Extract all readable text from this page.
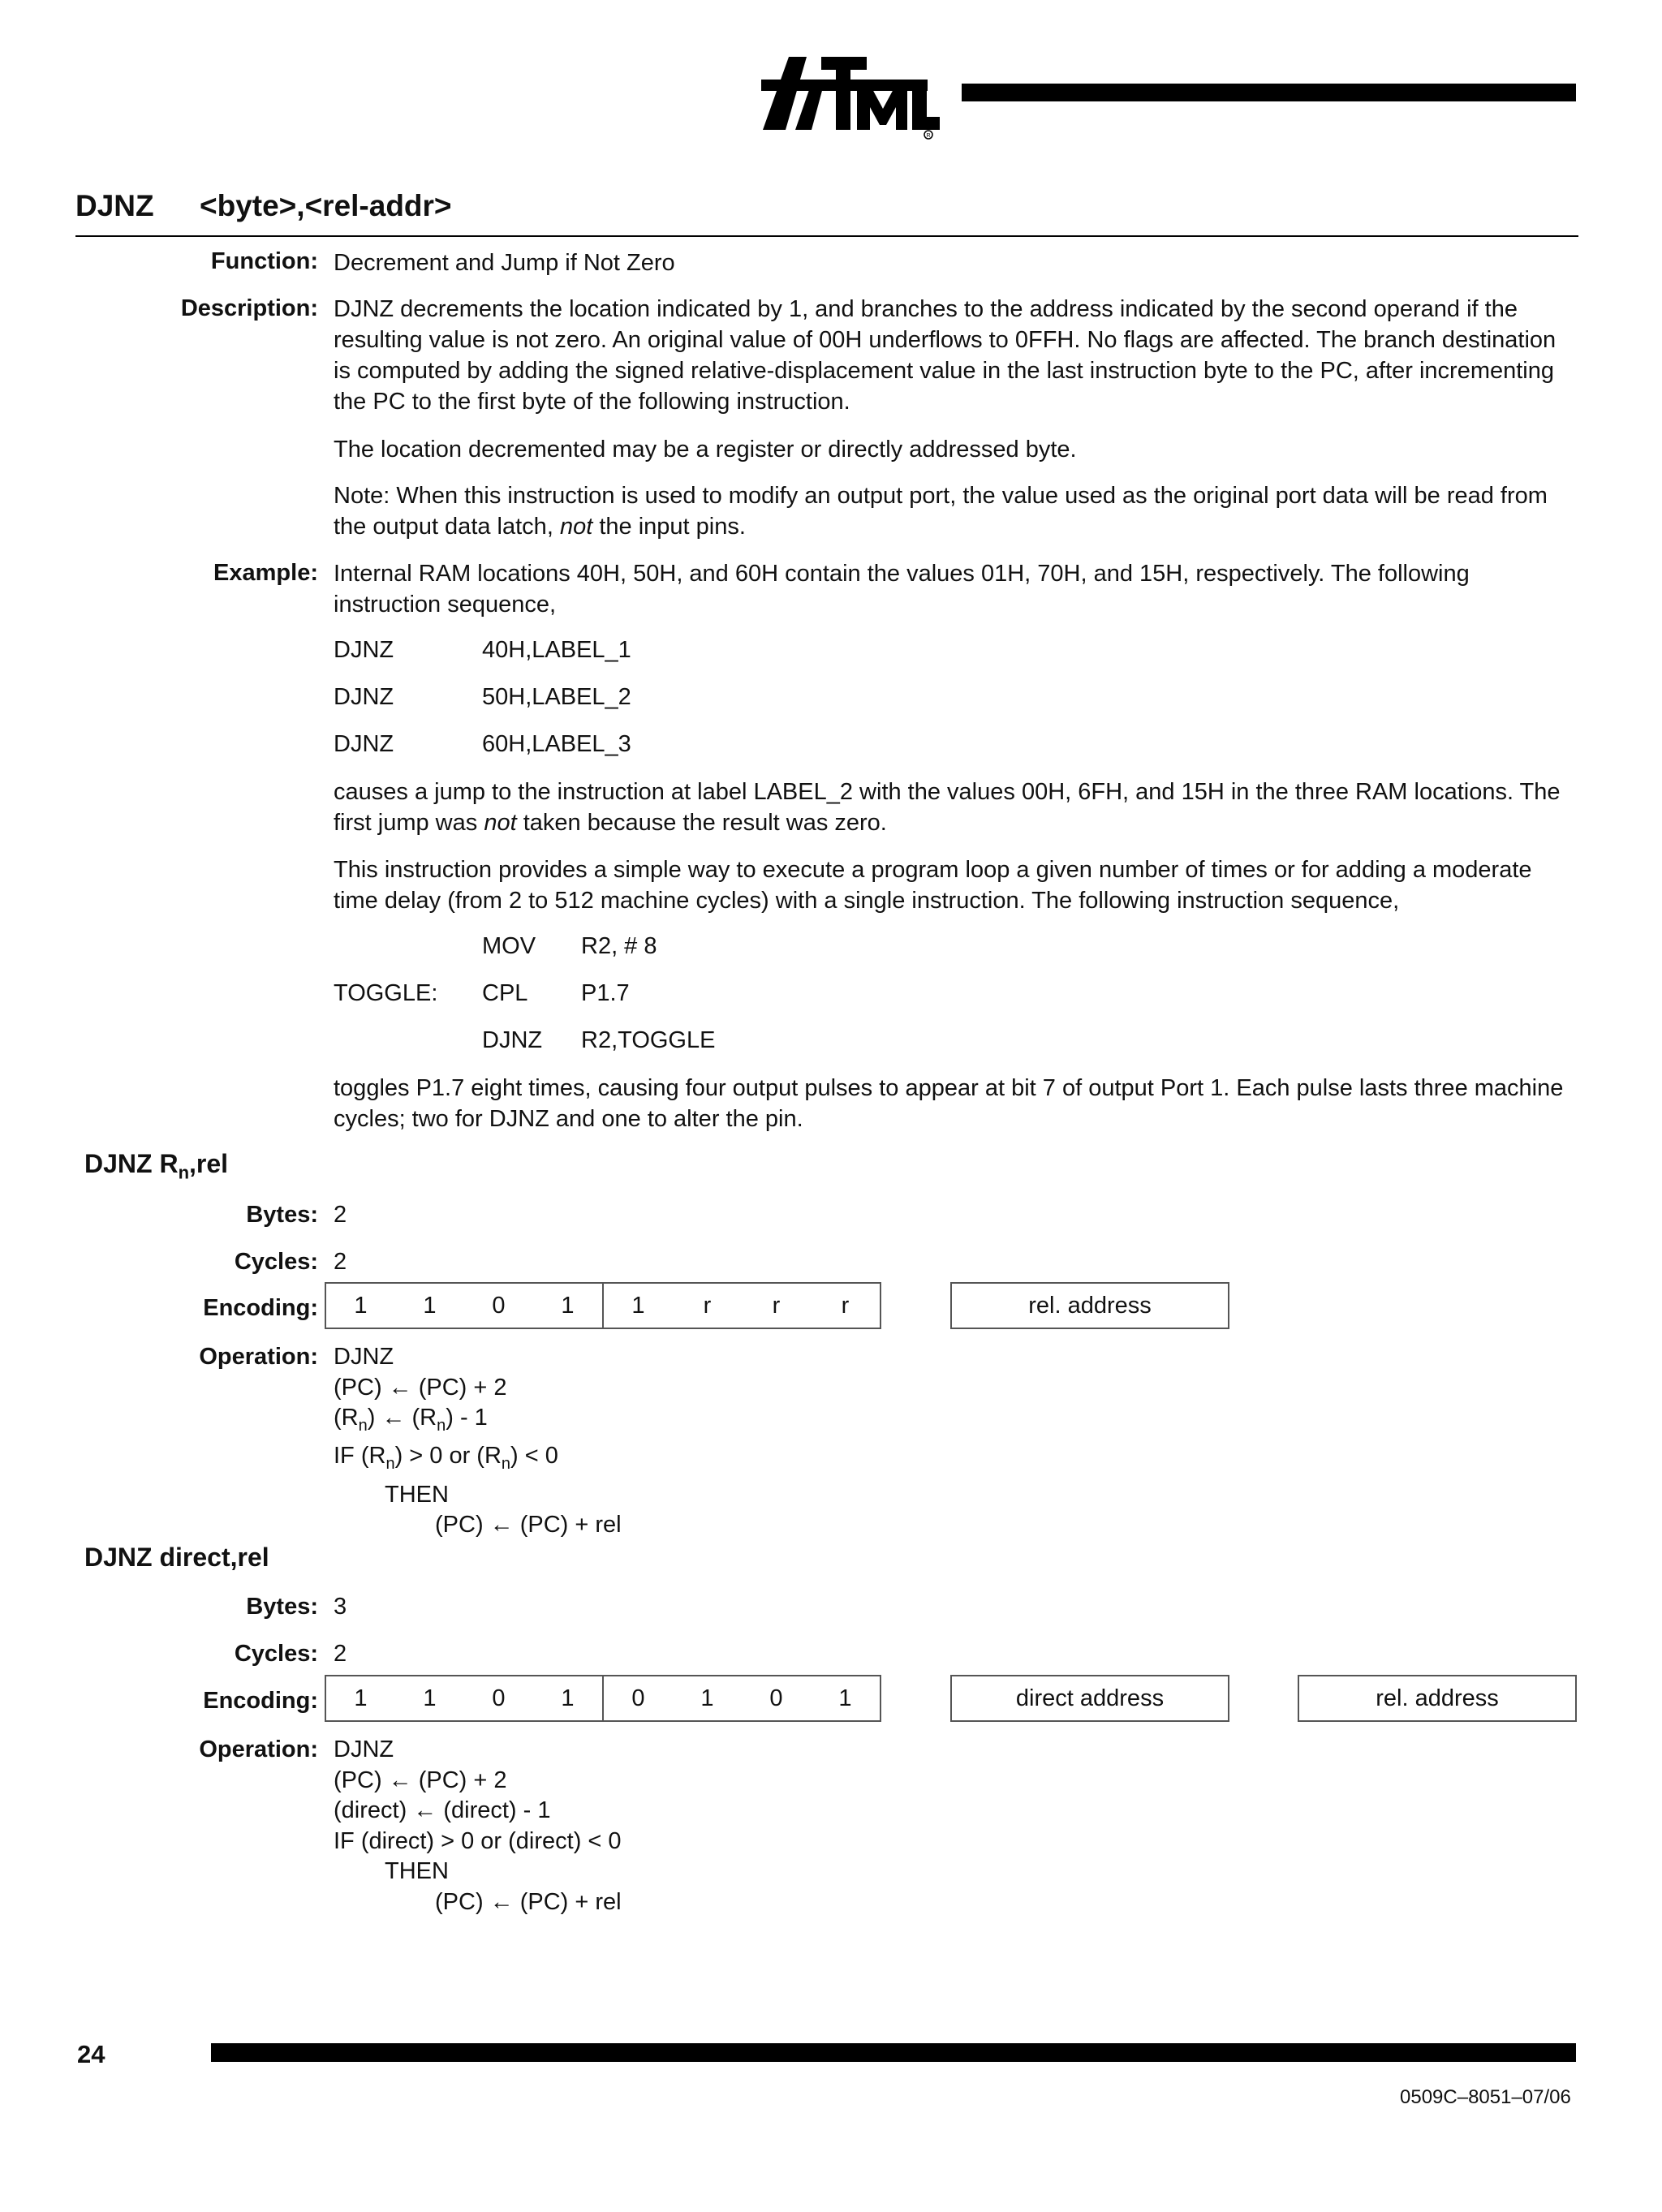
R
DJNZ <byte>,<rel-addr>
Function: Decrement and Jump if Not Zero
Description: DJNZ decrements the location indicated by 1, and branches to the address indicated by the second operand if the resulting value is not zero. An original value of 00H underflows to 0FFH. No flags are affected. The branch destination is computed by adding the signed relative-displacement value in the last instruction byte to the PC, after incrementing the PC to the first byte of the following instruction.
The location decremented may be a register or directly addressed byte.
Note: When this instruction is used to modify an output port, the value used as the original port data will be read from the output data latch, not the input pins.
Example: Internal RAM locations 40H, 50H, and 60H contain the values 01H, 70H, and 15H, respectively. The following instruction sequence,
DJNZ	40H,LABEL_1
DJNZ	50H,LABEL_2
DJNZ	60H,LABEL_3
causes a jump to the instruction at label LABEL_2 with the values 00H, 6FH, and 15H in the three RAM locations. The first jump was not taken because the result was zero.
This instruction provides a simple way to execute a program loop a given number of times or for adding a moderate time delay (from 2 to 512 machine cycles) with a single instruction. The following instruction sequence,
MOV R2, # 8
TOGGLE: CPL P1.7
DJNZ R2,TOGGLE
toggles P1.7 eight times, causing four output pulses to appear at bit 7 of output Port 1. Each pulse lasts three machine cycles; two for DJNZ and one to alter the pin.
DJNZ $R_n,rel$
Bytes: 2
Cycles: 2
Encoding:	1	1	0	1	1	r	r	r	rel. address
Operation: DJNZ
(PC) ← (PC) + 2
$(R_n)$ ← $(R_n) - 1$
IF $(R_n) > 0$ or $(R_n) < 0$
THEN
(PC) ← (PC) + rel
DJNZ direct,rel
Bytes: 3
Cycles: 2
Encoding:	1	1	0	1	0	1	0	1	direct address	rel. address
Operation: DJNZ
(PC) ← (PC) + 2
(direct) ← (direct) - 1
IF (direct) > 0 or (direct) < 0
THEN
(PC) ← (PC) + rel
24
0509C–8051–07/06
